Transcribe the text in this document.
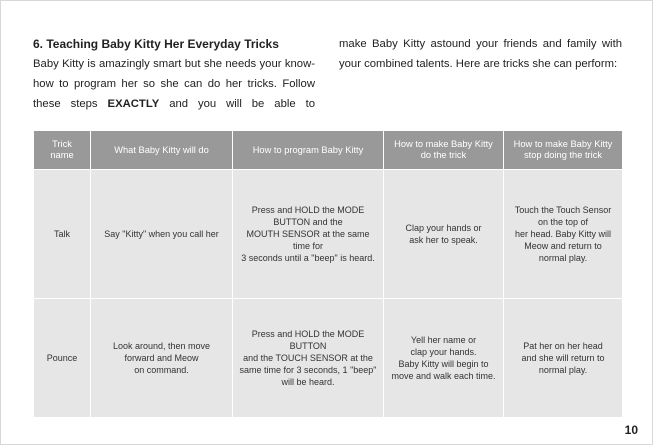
6. Teaching Baby Kitty Her Everyday Tricks
Baby Kitty is amazingly smart but she needs your know-how to program her so she can do her tricks. Follow these steps EXACTLY and you will be able to
make Baby Kitty astound your friends and family with your combined talents. Here are tricks she can perform:
Trick
name	What Baby Kitty will do	How to program Baby Kitty	How to make Baby Kitty
do the trick	How to make Baby Kitty
stop doing the trick

Talk	Say "Kitty" when you call her	Press and HOLD the MODE
BUTTON and the
MOUTH SENSOR at the same time for
3 seconds until a "beep" is heard.	Clap your hands or
ask her to speak.	Touch the Touch Sensor
on the top of
her head. Baby Kitty will
Meow and return to
normal play.

Pounce	Look around, then move
forward and Meow
on command.	Press and HOLD the MODE BUTTON
and the TOUCH SENSOR at the
same time for 3 seconds, 1 "beep"
will be heard.	Yell her name or
clap your hands.
Baby Kitty will begin to
move and walk each time.	Pat her on her head
and she will return to
normal play.
10
